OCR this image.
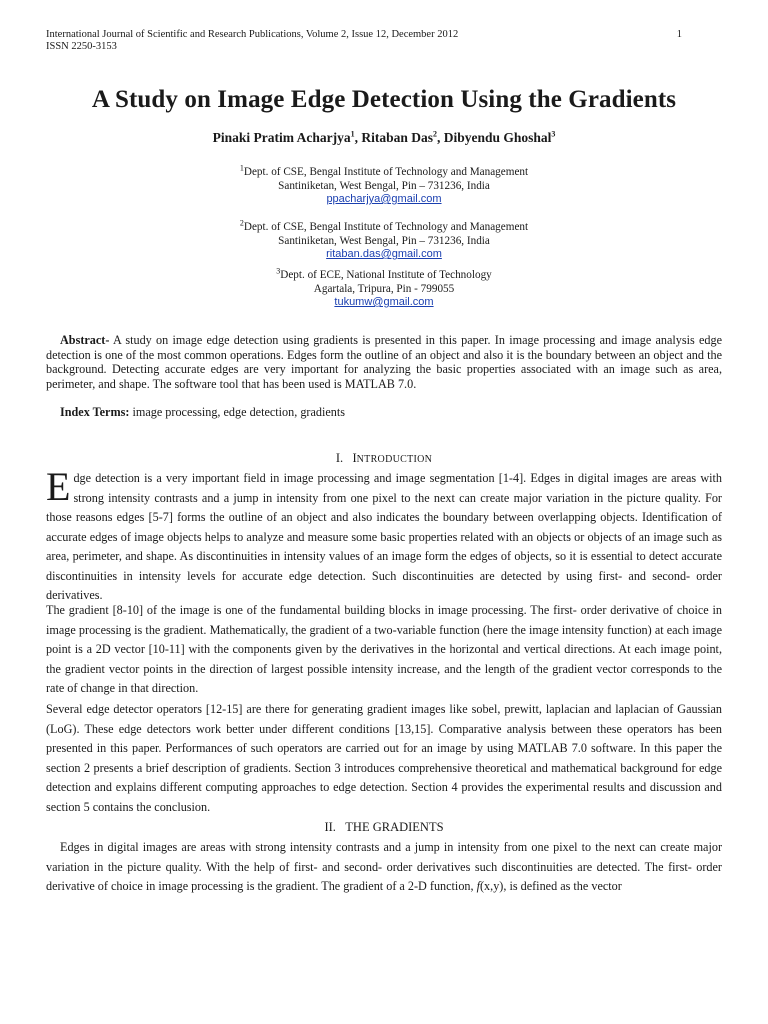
International Journal of Scientific and Research Publications, Volume 2, Issue 12, December 2012
ISSN 2250-3153
1
A Study on Image Edge Detection Using the Gradients
Pinaki Pratim Acharjya$^1$, Ritaban Das$^2$, Dibyendu Ghoshal$^3$
$^1$Dept. of CSE, Bengal Institute of Technology and Management
Santiniketan, West Bengal, Pin – 731236, India
ppacharjya@gmail.com
$^2$Dept. of CSE, Bengal Institute of Technology and Management
Santiniketan, West Bengal, Pin – 731236, India
ritaban.das@gmail.com
$^3$Dept. of ECE, National Institute of Technology
Agartala, Tripura, Pin - 799055
tukumw@gmail.com
Abstract- A study on image edge detection using gradients is presented in this paper. In image processing and image analysis edge detection is one of the most common operations. Edges form the outline of an object and also it is the boundary between an object and the background. Detecting accurate edges are very important for analyzing the basic properties associated with an image such as area, perimeter, and shape. The software tool that has been used is MATLAB 7.0.
Index Terms: image processing, edge detection, gradients
I. INTRODUCTION
Edge detection is a very important field in image processing and image segmentation [1-4]. Edges in digital images are areas with strong intensity contrasts and a jump in intensity from one pixel to the next can create major variation in the picture quality. For those reasons edges [5-7] forms the outline of an object and also indicates the boundary between overlapping objects. Identification of accurate edges of image objects helps to analyze and measure some basic properties related with an objects or objects of an image such as area, perimeter, and shape. As discontinuities in intensity values of an image form the edges of objects, so it is essential to detect accurate discontinuities in intensity levels for accurate edge detection. Such discontinuities are detected by using first- and second- order derivatives.
The gradient [8-10] of the image is one of the fundamental building blocks in image processing. The first- order derivative of choice in image processing is the gradient. Mathematically, the gradient of a two-variable function (here the image intensity function) at each image point is a 2D vector [10-11] with the components given by the derivatives in the horizontal and vertical directions. At each image point, the gradient vector points in the direction of largest possible intensity increase, and the length of the gradient vector corresponds to the rate of change in that direction.
Several edge detector operators [12-15] are there for generating gradient images like sobel, prewitt, laplacian and laplacian of Gaussian (LoG). These edge detectors work better under different conditions [13,15]. Comparative analysis between these operators has been presented in this paper. Performances of such operators are carried out for an image by using MATLAB 7.0 software. In this paper the section 2 presents a brief description of gradients. Section 3 introduces comprehensive theoretical and mathematical background for edge detection and explains different computing approaches to edge detection. Section 4 provides the experimental results and discussion and section 5 contains the conclusion.
II. THE GRADIENTS
Edges in digital images are areas with strong intensity contrasts and a jump in intensity from one pixel to the next can create major variation in the picture quality. With the help of first- and second- order derivatives such discontinuities are detected. The first- order derivative of choice in image processing is the gradient. The gradient of a 2-D function, f(x,y), is defined as the vector
